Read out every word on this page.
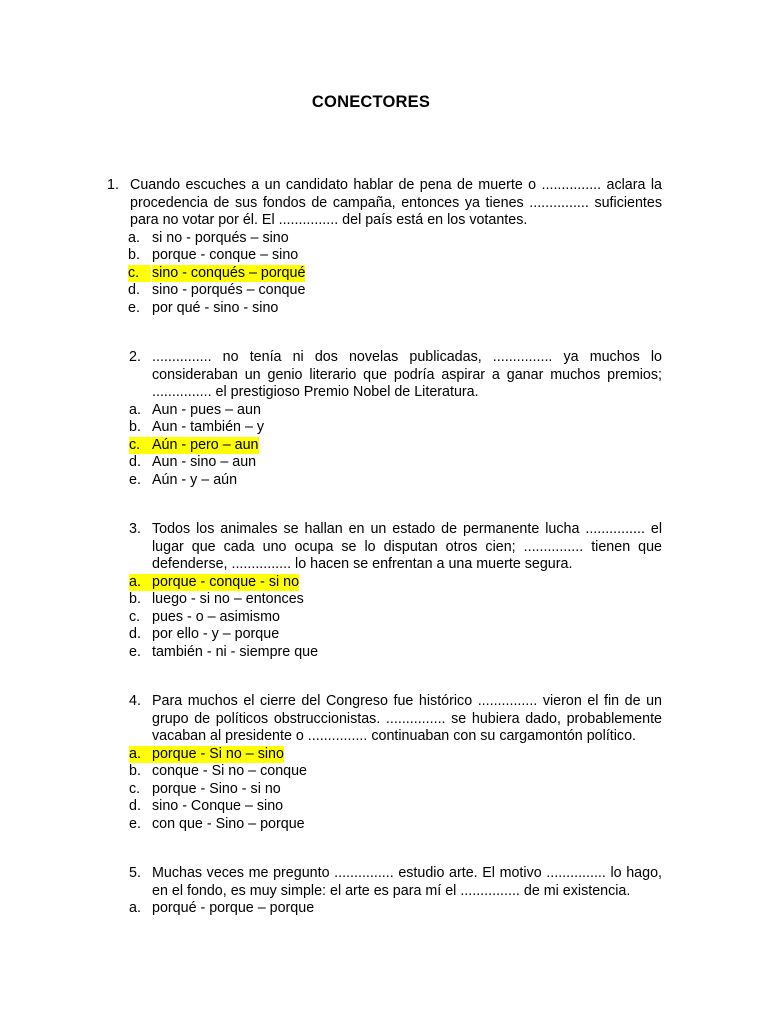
CONECTORES
1. Cuando escuches a un candidato hablar de pena de muerte o ............... aclara la procedencia de sus fondos de campaña, entonces ya tienes ............... suficientes para no votar por él. El ............... del país está en los votantes.
a. si no - porqués – sino
b. porque - conque – sino
c. sino - conqués – porqué
d. sino - porqués – conque
e. por qué - sino - sino
2. ............... no tenía ni dos novelas publicadas, ............... ya muchos lo consideraban un genio literario que podría aspirar a ganar muchos premios; ............... el prestigioso Premio Nobel de Literatura.
a. Aun - pues – aun
b. Aun - también – y
c. Aún - pero – aun
d. Aun - sino – aun
e. Aún - y – aún
3. Todos los animales se hallan en un estado de permanente lucha ............... el lugar que cada uno ocupa se lo disputan otros cien; ............... tienen que defenderse, ............... lo hacen se enfrentan a una muerte segura.
a. porque - conque - si no
b. luego - si no – entonces
c. pues - o – asimismo
d. por ello - y – porque
e. también - ni - siempre que
4. Para muchos el cierre del Congreso fue histórico ............... vieron el fin de un grupo de políticos obstruccionistas. ............... se hubiera dado, probablemente vacaban al presidente o ............... continuaban con su cargamontón político.
a. porque - Si no – sino
b. conque - Si no – conque
c. porque - Sino - si no
d. sino - Conque – sino
e. con que - Sino – porque
5. Muchas veces me pregunto ............... estudio arte. El motivo ............... lo hago, en el fondo, es muy simple: el arte es para mí el ............... de mi existencia.
a. porqué - porque – porque
